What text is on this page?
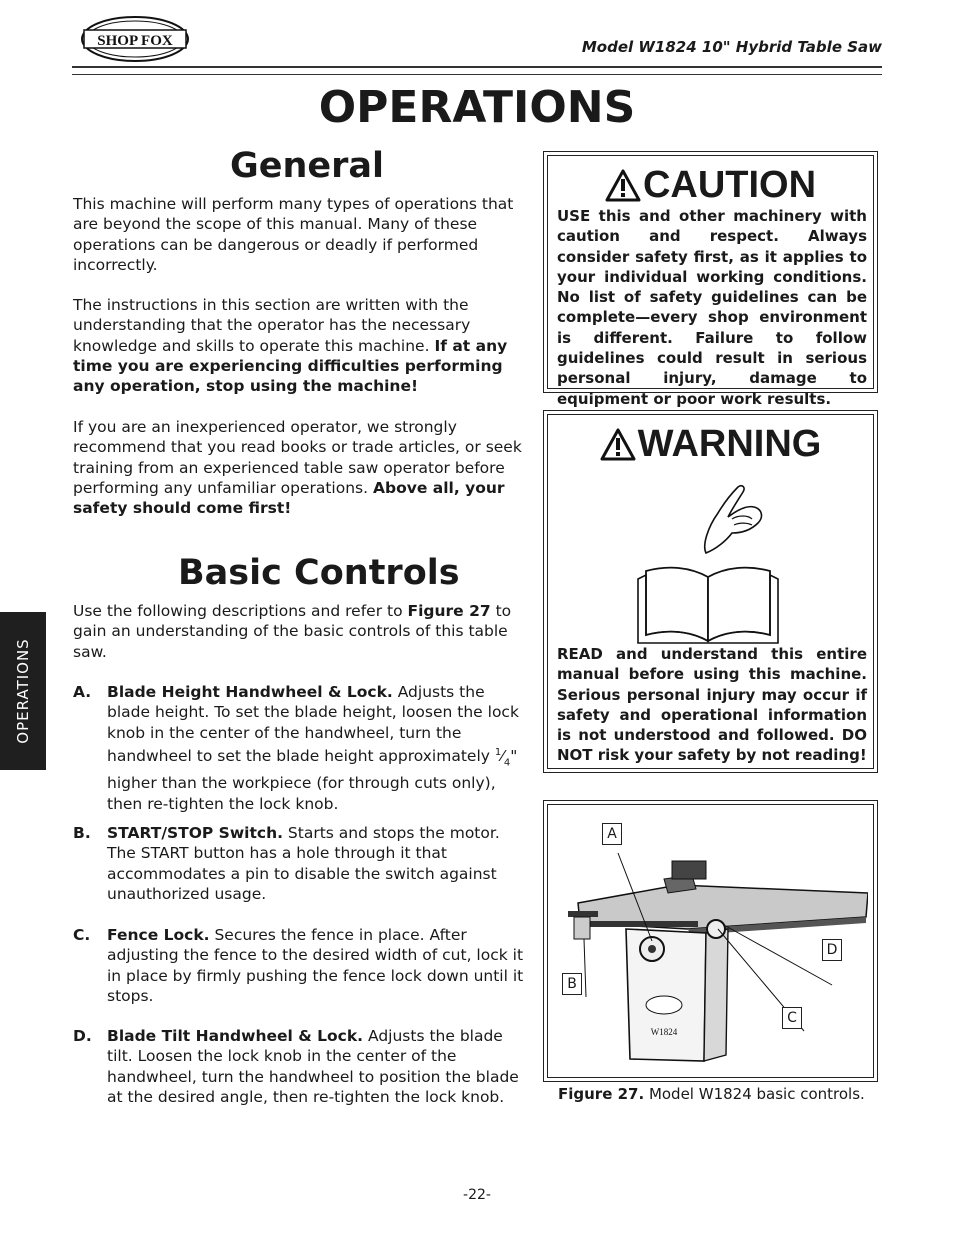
SHOP FOX	Model W1824 10" Hybrid Table Saw
OPERATIONS
OPERATIONS
General
This machine will perform many types of operations that are beyond the scope of this manual. Many of these operations can be dangerous or deadly if performed incorrectly.
The instructions in this section are written with the understanding that the operator has the necessary knowledge and skills to operate this machine. If at any time you are experiencing difficulties performing any operation, stop using the machine!
If you are an inexperienced operator, we strongly recommend that you read books or trade articles, or seek training from an experienced table saw operator before performing any unfamiliar operations. Above all, your safety should come first!
Basic Controls
Use the following descriptions and refer to Figure 27 to gain an understanding of the basic controls of this table saw.
A. Blade Height Handwheel & Lock. Adjusts the blade height. To set the blade height, loosen the lock knob in the center of the handwheel, turn the handwheel to set the blade height approximately $^1⁄_4$" higher than the workpiece (for through cuts only), then re-tighten the lock knob.
B. START/STOP Switch. Starts and stops the motor. The START button has a hole through it that accommodates a pin to disable the switch against unauthorized usage.
C. Fence Lock. Secures the fence in place. After adjusting the fence to the desired width of cut, lock it in place by firmly pushing the fence lock down until it stops.
D. Blade Tilt Handwheel & Lock. Adjusts the blade tilt. Loosen the lock knob in the center of the handwheel, turn the handwheel to position the blade at the desired angle, then re-tighten the lock knob.
CAUTION
USE this and other machinery with caution and respect. Always consider safety first, as it applies to your individual working conditions. No list of safety guidelines can be complete—every shop environment is different. Failure to follow guidelines could result in serious personal injury, damage to equipment or poor work results.
WARNING
READ and understand this entire manual before using this machine. Serious personal injury may occur if safety and operational information is not understood and followed. DO NOT risk your safety by not reading!
W1824
A
B
C
D
Figure 27. Model W1824 basic controls.
-22-
